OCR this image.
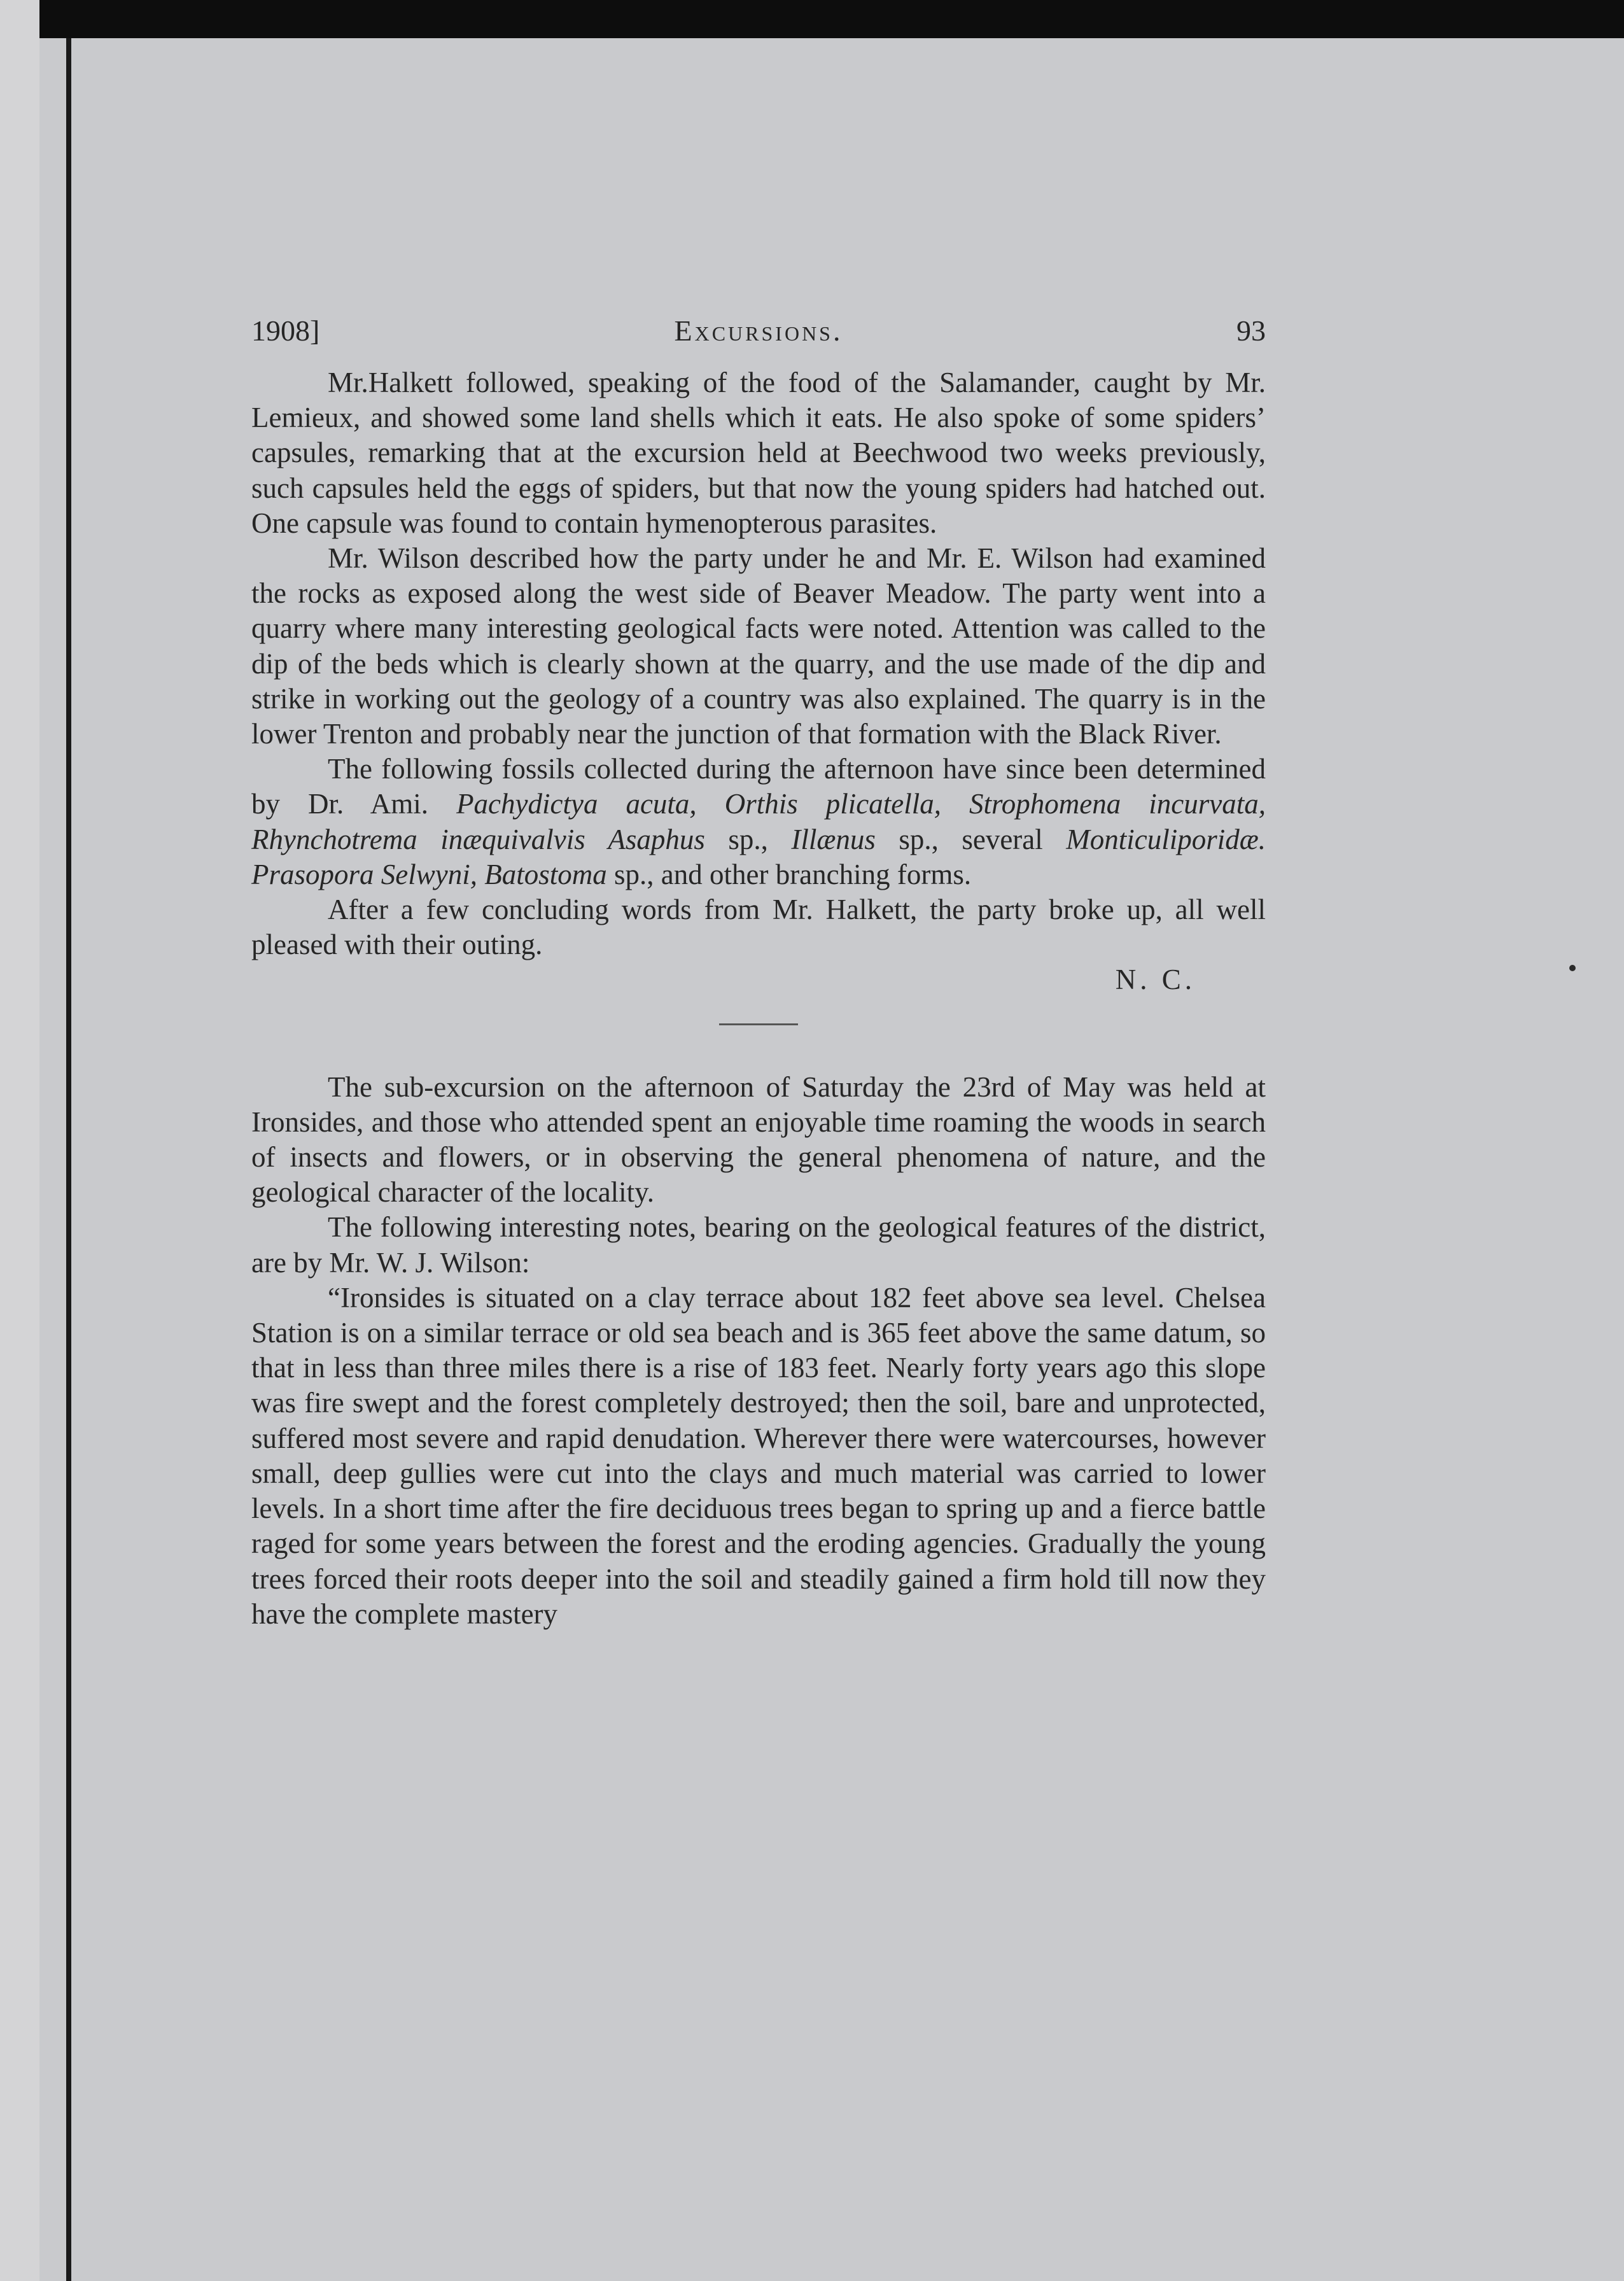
1908]	Excursions.	93

Mr.Halkett followed, speaking of the food of the Salamander, caught by Mr. Lemieux, and showed some land shells which it eats. He also spoke of some spiders’ capsules, remarking that at the excursion held at Beechwood two weeks previously, such capsules held the eggs of spiders, but that now the young spiders had hatched out. One capsule was found to contain hymenopterous parasites.

Mr. Wilson described how the party under he and Mr. E. Wilson had examined the rocks as exposed along the west side of Beaver Meadow. The party went into a quarry where many interesting geological facts were noted. Attention was called to the dip of the beds which is clearly shown at the quarry, and the use made of the dip and strike in working out the geology of a country was also explained. The quarry is in the lower Trenton and probably near the junction of that formation with the Black River.

The following fossils collected during the afternoon have since been determined by Dr. Ami. Pachydictya acuta, Orthis plicatella, Strophomena incurvata, Rhynchotrema inæquivalvis Asaphus sp., Illænus sp., several Monticuliporidæ. Prasopora Selwyni, Batostoma sp., and other branching forms.

After a few concluding words from Mr. Halkett, the party broke up, all well pleased with their outing.

N. C.

The sub-excursion on the afternoon of Saturday the 23rd of May was held at Ironsides, and those who attended spent an enjoyable time roaming the woods in search of insects and flowers, or in observing the general phenomena of nature, and the geological character of the locality.

The following interesting notes, bearing on the geological features of the district, are by Mr. W. J. Wilson:

“Ironsides is situated on a clay terrace about 182 feet above sea level. Chelsea Station is on a similar terrace or old sea beach and is 365 feet above the same datum, so that in less than three miles there is a rise of 183 feet. Nearly forty years ago this slope was fire swept and the forest completely destroyed; then the soil, bare and unprotected, suffered most severe and rapid denudation. Wherever there were watercourses, however small, deep gullies were cut into the clays and much material was carried to lower levels. In a short time after the fire deciduous trees began to spring up and a fierce battle raged for some years between the forest and the eroding agencies. Gradually the young trees forced their roots deeper into the soil and steadily gained a firm hold till now they have the complete mastery
